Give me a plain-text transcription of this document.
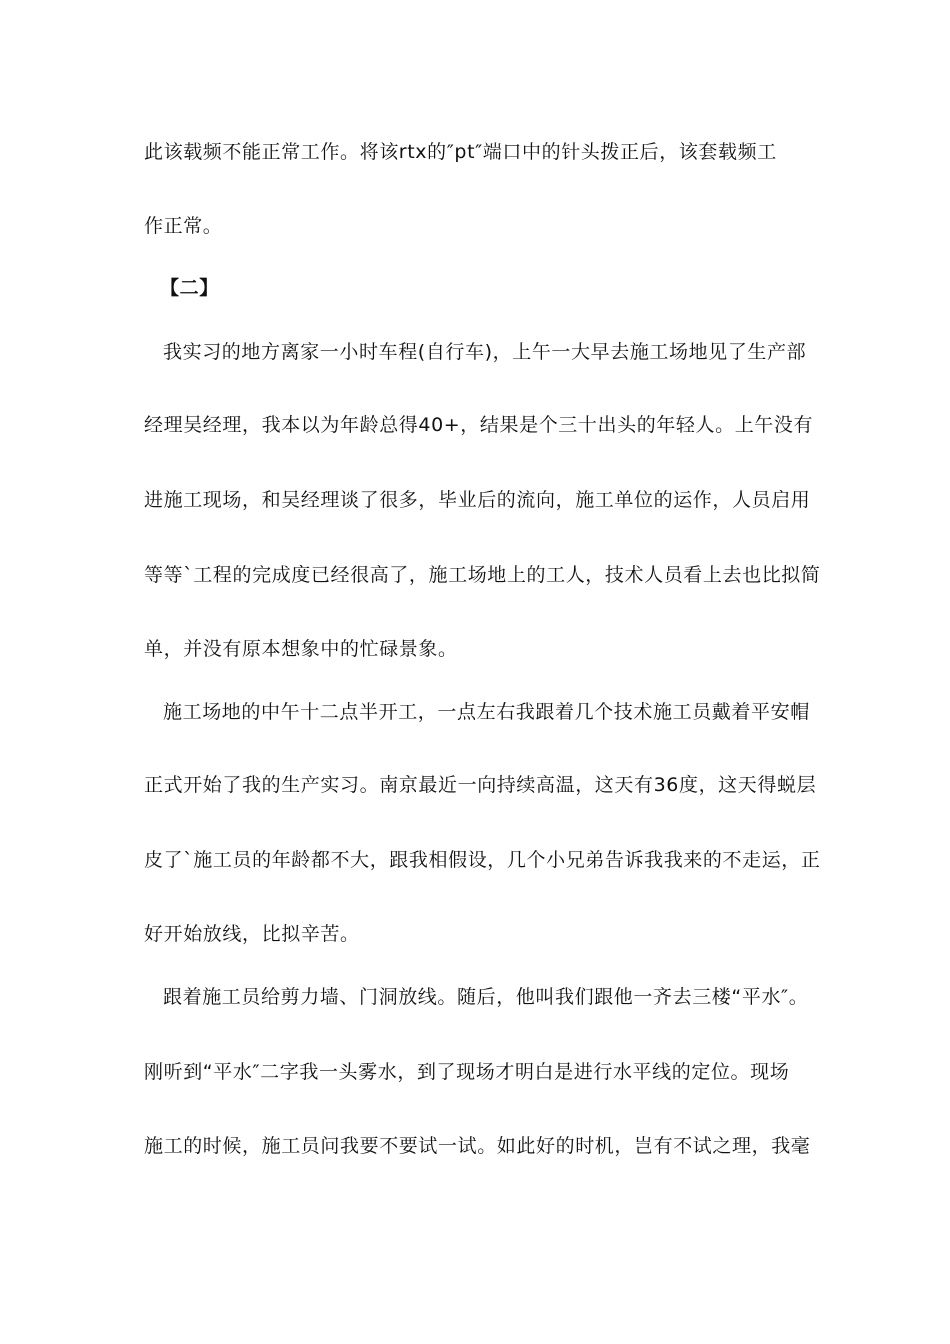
此该载频不能正常工作。将该rtx的″pt″端口中的针头拨正后，该套载频工
作正常。
【二】
我实习的地方离家一小时车程(自行车)，上午一大早去施工场地见了生产部
经理吴经理，我本以为年龄总得40+，结果是个三十出头的年轻人。上午没有
进施工现场，和吴经理谈了很多，毕业后的流向，施工单位的运作，人员启用
等等`工程的完成度已经很高了，施工场地上的工人，技术人员看上去也比拟简
单，并没有原本想象中的忙碌景象。
施工场地的中午十二点半开工，一点左右我跟着几个技术施工员戴着平安帽
正式开始了我的生产实习。南京最近一向持续高温，这天有36度，这天得蜕层
皮了`施工员的年龄都不大，跟我相假设，几个小兄弟告诉我我来的不走运，正
好开始放线，比拟辛苦。
跟着施工员给剪力墙、门洞放线。随后，他叫我们跟他一齐去三楼“平水″。
刚听到“平水″二字我一头雾水，到了现场才明白是进行水平线的定位。现场
施工的时候，施工员问我要不要试一试。如此好的时机，岂有不试之理，我毫
